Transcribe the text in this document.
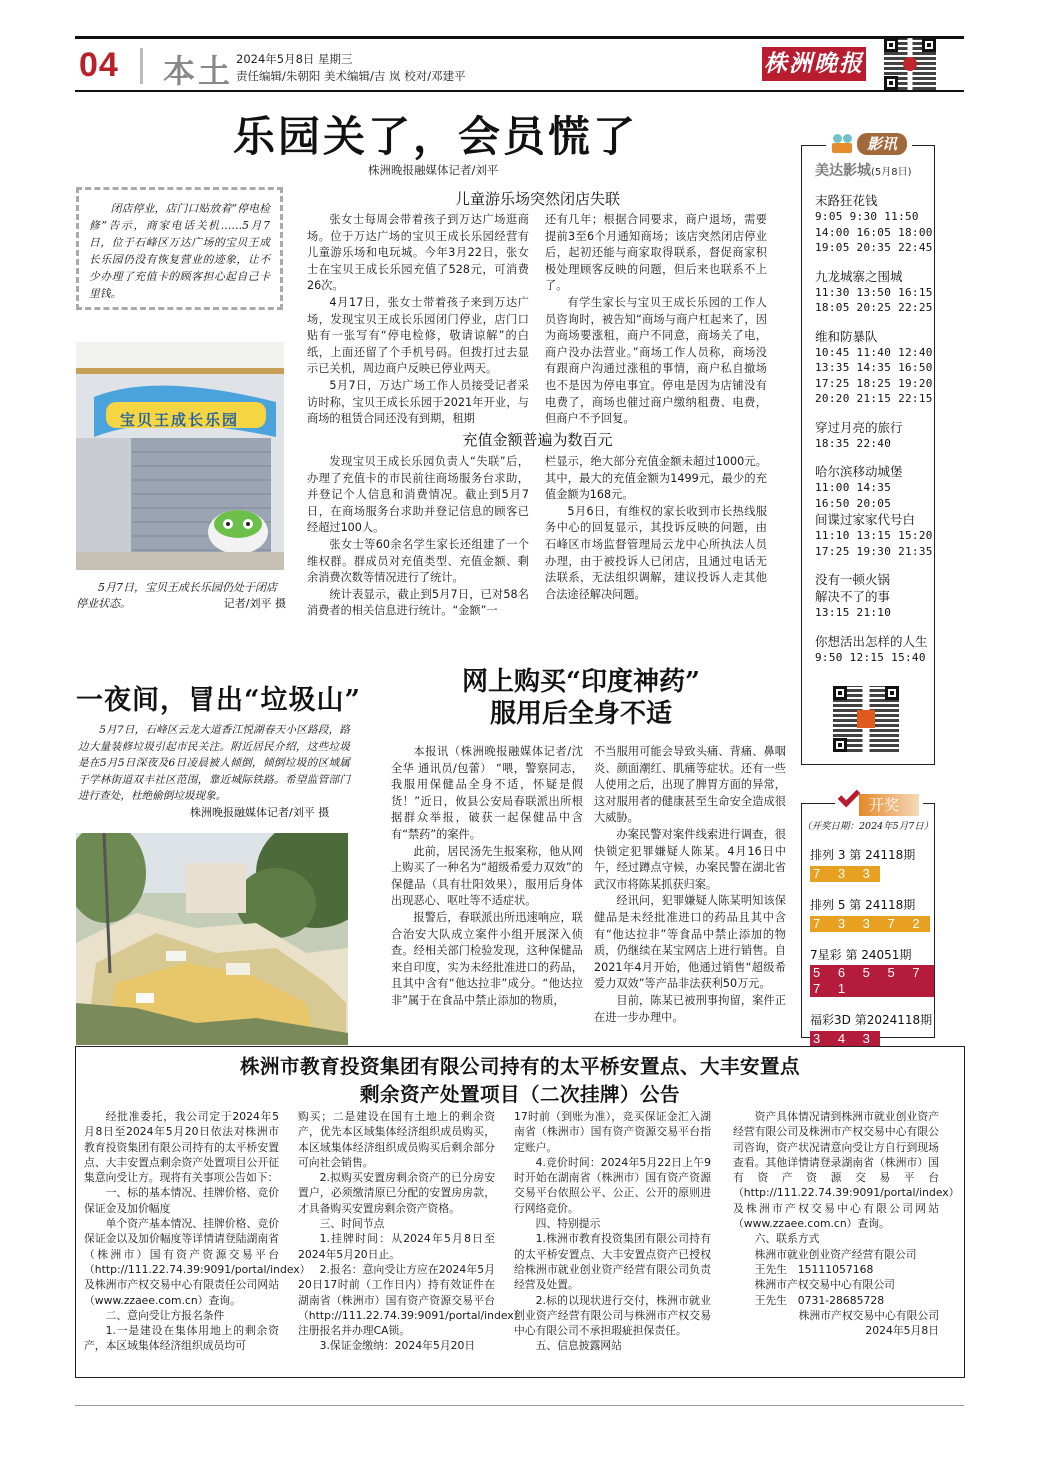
04 本土 2024年5月8日 星期三
责任编辑/朱朝阳 美术编辑/吉 岚 校对/邓建平	株洲晚报
乐园关了，会员慌了
株洲晚报融媒体记者/刘平
闭店停业，店门口贴放着“停电检修”告示，商家电话关机……5月7日，位于石峰区万达广场的宝贝王成长乐园仍没有恢复营业的迹象，让不少办理了充值卡的顾客担心起自己卡里钱。
宝贝王成长乐园
5月7日，宝贝王成长乐园仍处于闭店停业状态。	记者/刘平 摄
儿童游乐场突然闭店失联

张女士每周会带着孩子到万达广场逛商场。位于万达广场的宝贝王成长乐园经营有儿童游乐场和电玩城。今年3月22日，张女士在宝贝王成长乐园充值了528元，可消费26次。

4月17日，张女士带着孩子来到万达广场，发现宝贝王成长乐园闭门停业，店门口贴有一张写有“停电检修，敬请谅解”的白纸，上面还留了个手机号码。但拨打过去显示已关机，周边商户反映已停业两天。

5月7日，万达广场工作人员接受记者采访时称，宝贝王成长乐园于2021年开业，与商场的租赁合同还没有到期，租期

还有几年；根据合同要求，商户退场，需要提前3至6个月通知商场；该店突然闭店停业后，起初还能与商家取得联系，督促商家积极处理顾客反映的问题，但后来也联系不上了。

有学生家长与宝贝王成长乐园的工作人员咨询时，被告知“商场与商户杠起来了，因为商场要涨租，商户不同意，商场关了电，商户没办法营业。”商场工作人员称，商场没有跟商户沟通过涨租的事情，商户私自撤场也不是因为停电事宜。停电是因为店铺没有电费了，商场也催过商户缴纳租费、电费，但商户不予回复。

充值金额普遍为数百元

发现宝贝王成长乐园负责人“失联”后，办理了充值卡的市民前往商场服务台求助，并登记个人信息和消费情况。截止到5月7日，在商场服务台求助并登记信息的顾客已经超过100人。

张女士等60余名学生家长还组建了一个维权群。群成员对充值类型、充值金额、剩余消费次数等情况进行了统计。

统计表显示，截止到5月7日，已对58名消费者的相关信息进行统计。“金额”一

栏显示，绝大部分充值金额未超过1000元。其中，最大的充值金额为1499元，最少的充值金额为168元。

5月6日，有维权的家长收到市长热线服务中心的回复显示，其投诉反映的问题，由石峰区市场监督管理局云龙中心所执法人员办理，由于被投诉人已闭店，且通过电话无法联系，无法组织调解，建议投诉人走其他合法途径解决问题。

一夜间，冒出“垃圾山”
5月7日，石峰区云龙大道香江悦湖春天小区路段，路边大量装修垃圾引起市民关注。附近居民介绍，这些垃圾是在5月5日深夜及6日凌晨被人倾倒，倾倒垃圾的区域属于学林街道双丰社区范围，靠近城际铁路。希望监管部门进行查处，杜绝偷倒垃圾现象。
株洲晚报融媒体记者/刘平 摄
网上购买“印度神药”
服用后全身不适

本报讯（株洲晚报融媒体记者/沈全华 通讯员/包蕾） “喂，警察同志，我服用保健品全身不适，怀疑是假货！”近日，攸县公安局春联派出所根据群众举报，破获一起保健品中含有“禁药”的案件。

此前，居民汤先生报案称，他从网上购买了一种名为“超级希爱力双效”的保健品（具有壮阳效果），服用后身体出现恶心、呕吐等不适症状。

报警后，春联派出所迅速响应，联合治安大队成立案件小组开展深入侦查。经相关部门检验发现，这种保健品来自印度，实为未经批准进口的药品，且其中含有“他达拉非”成分。“他达拉非”属于在食品中禁止添加的物质，

不当服用可能会导致头痛、背痛、鼻咽炎、颜面潮红、肌痛等症状。还有一些人使用之后，出现了脾胃方面的异常，这对服用者的健康甚至生命安全造成很大威胁。

办案民警对案件线索进行调查，很快锁定犯罪嫌疑人陈某。4月16日中午，经过蹲点守候，办案民警在湖北省武汉市将陈某抓获归案。

经讯问，犯罪嫌疑人陈某明知该保健品是未经批准进口的药品且其中含有“他达拉非”等食品中禁止添加的物质，仍继续在某宝网店上进行销售。自2021年4月开始，他通过销售“超级希爱力双效”等产品非法获利50万元。

目前，陈某已被刑事拘留，案件正在进一步办理中。

美达影城(5月8日)
末路狂花钱
9:05 9:30 11:50
14:00 16:05 18:00
19:05 20:35 22:45
九龙城寨之围城
11:30 13:50 16:15
18:05 20:25 22:25
维和防暴队
10:45 11:40 12:40
13:35 14:35 16:50
17:25 18:25 19:20
20:20 21:15 22:15
穿过月亮的旅行
18:35 22:40
哈尔滨移动城堡
11:00 14:35
16:50 20:05
间谍过家家代号白
11:10 13:15 15:20
17:25 19:30 21:35
没有一顿火锅
解决不了的事
13:15 21:10
你想活出怎样的人生
9:50 12:15 15:40
影讯
（开奖日期：2024年5月7日）
排列 3 第 24118期
7 3 3
排列 5 第 24118期
7 3 3 7 2
7星彩 第 24051期
5 6 5 5 7 7 1
福彩3D 第2024118期
3 4 3
开奖
株洲市教育投资集团有限公司持有的太平桥安置点、大丰安置点
剩余资产处置项目（二次挂牌）公告

经批准委托，我公司定于2024年5月8日至2024年5月20日依法对株洲市教育投资集团有限公司持有的太平桥安置点、大丰安置点剩余资产处置项目公开征集意向受让方。现将有关事项公告如下：

一、标的基本情况、挂牌价格、竞价保证金及加价幅度

单个资产基本情况、挂牌价格、竞价保证金以及加价幅度等详情请登陆湖南省（株洲市）国有资产资源交易平台 （http://111.22.74.39:9091/portal/index）及株洲市产权交易中心有限责任公司网站（www.zzaee.com.cn）查询。

二、意向受让方报名条件

1.一是建设在集体用地上的剩余资产，本区域集体经济组织成员均可

购买；二是建设在国有土地上的剩余资产，优先本区域集体经济组织成员购买，本区域集体经济组织成员购买后剩余部分可向社会销售。

2.拟购买安置房剩余资产的已分房安置户，必须缴清原已分配的安置房房款，才具备购买安置房剩余资产资格。

三、时间节点

1.挂牌时间：从2024年5月8日至2024年5月20日止。

2.报名：意向受让方应在2024年5月20日17时前（工作日内）持有效证件在湖南省（株洲市）国有资产资源交易平台（http://111.22.74.39:9091/portal/index）注册报名并办理CA锁。

3.保证金缴纳：2024年5月20日

17时前（到账为准），竞买保证金汇入湖南省（株洲市）国有资产资源交易平台指定账户。

4.竞价时间：2024年5月22日上午9时开始在湖南省（株洲市）国有资产资源交易平台依照公平、公正、公开的原则进行网络竞价。

四、特别提示

1.株洲市教育投资集团有限公司持有的太平桥安置点、大丰安置点资产已授权给株洲市就业创业资产经营有限公司负责经营及处置。

2.标的以现状进行交付，株洲市就业创业资产经营有限公司与株洲市产权交易中心有限公司不承担瑕疵担保责任。

五、信息披露网站

资产具体情况请到株洲市就业创业资产经营有限公司及株洲市产权交易中心有限公司咨询，资产状况请意向受让方自行到现场查看。其他详情请登录湖南省（株洲市）国有资产资源交易平台（http://111.22.74.39:9091/portal/index）及株洲市产权交易中心有限公司网站（www.zzaee.com.cn）查询。

六、联系方式

株洲市就业创业资产经营有限公司

王先生　15111057168

株洲市产权交易中心有限公司

王先生　0731-28685728

株洲市产权交易中心有限公司

2024年5月8日
